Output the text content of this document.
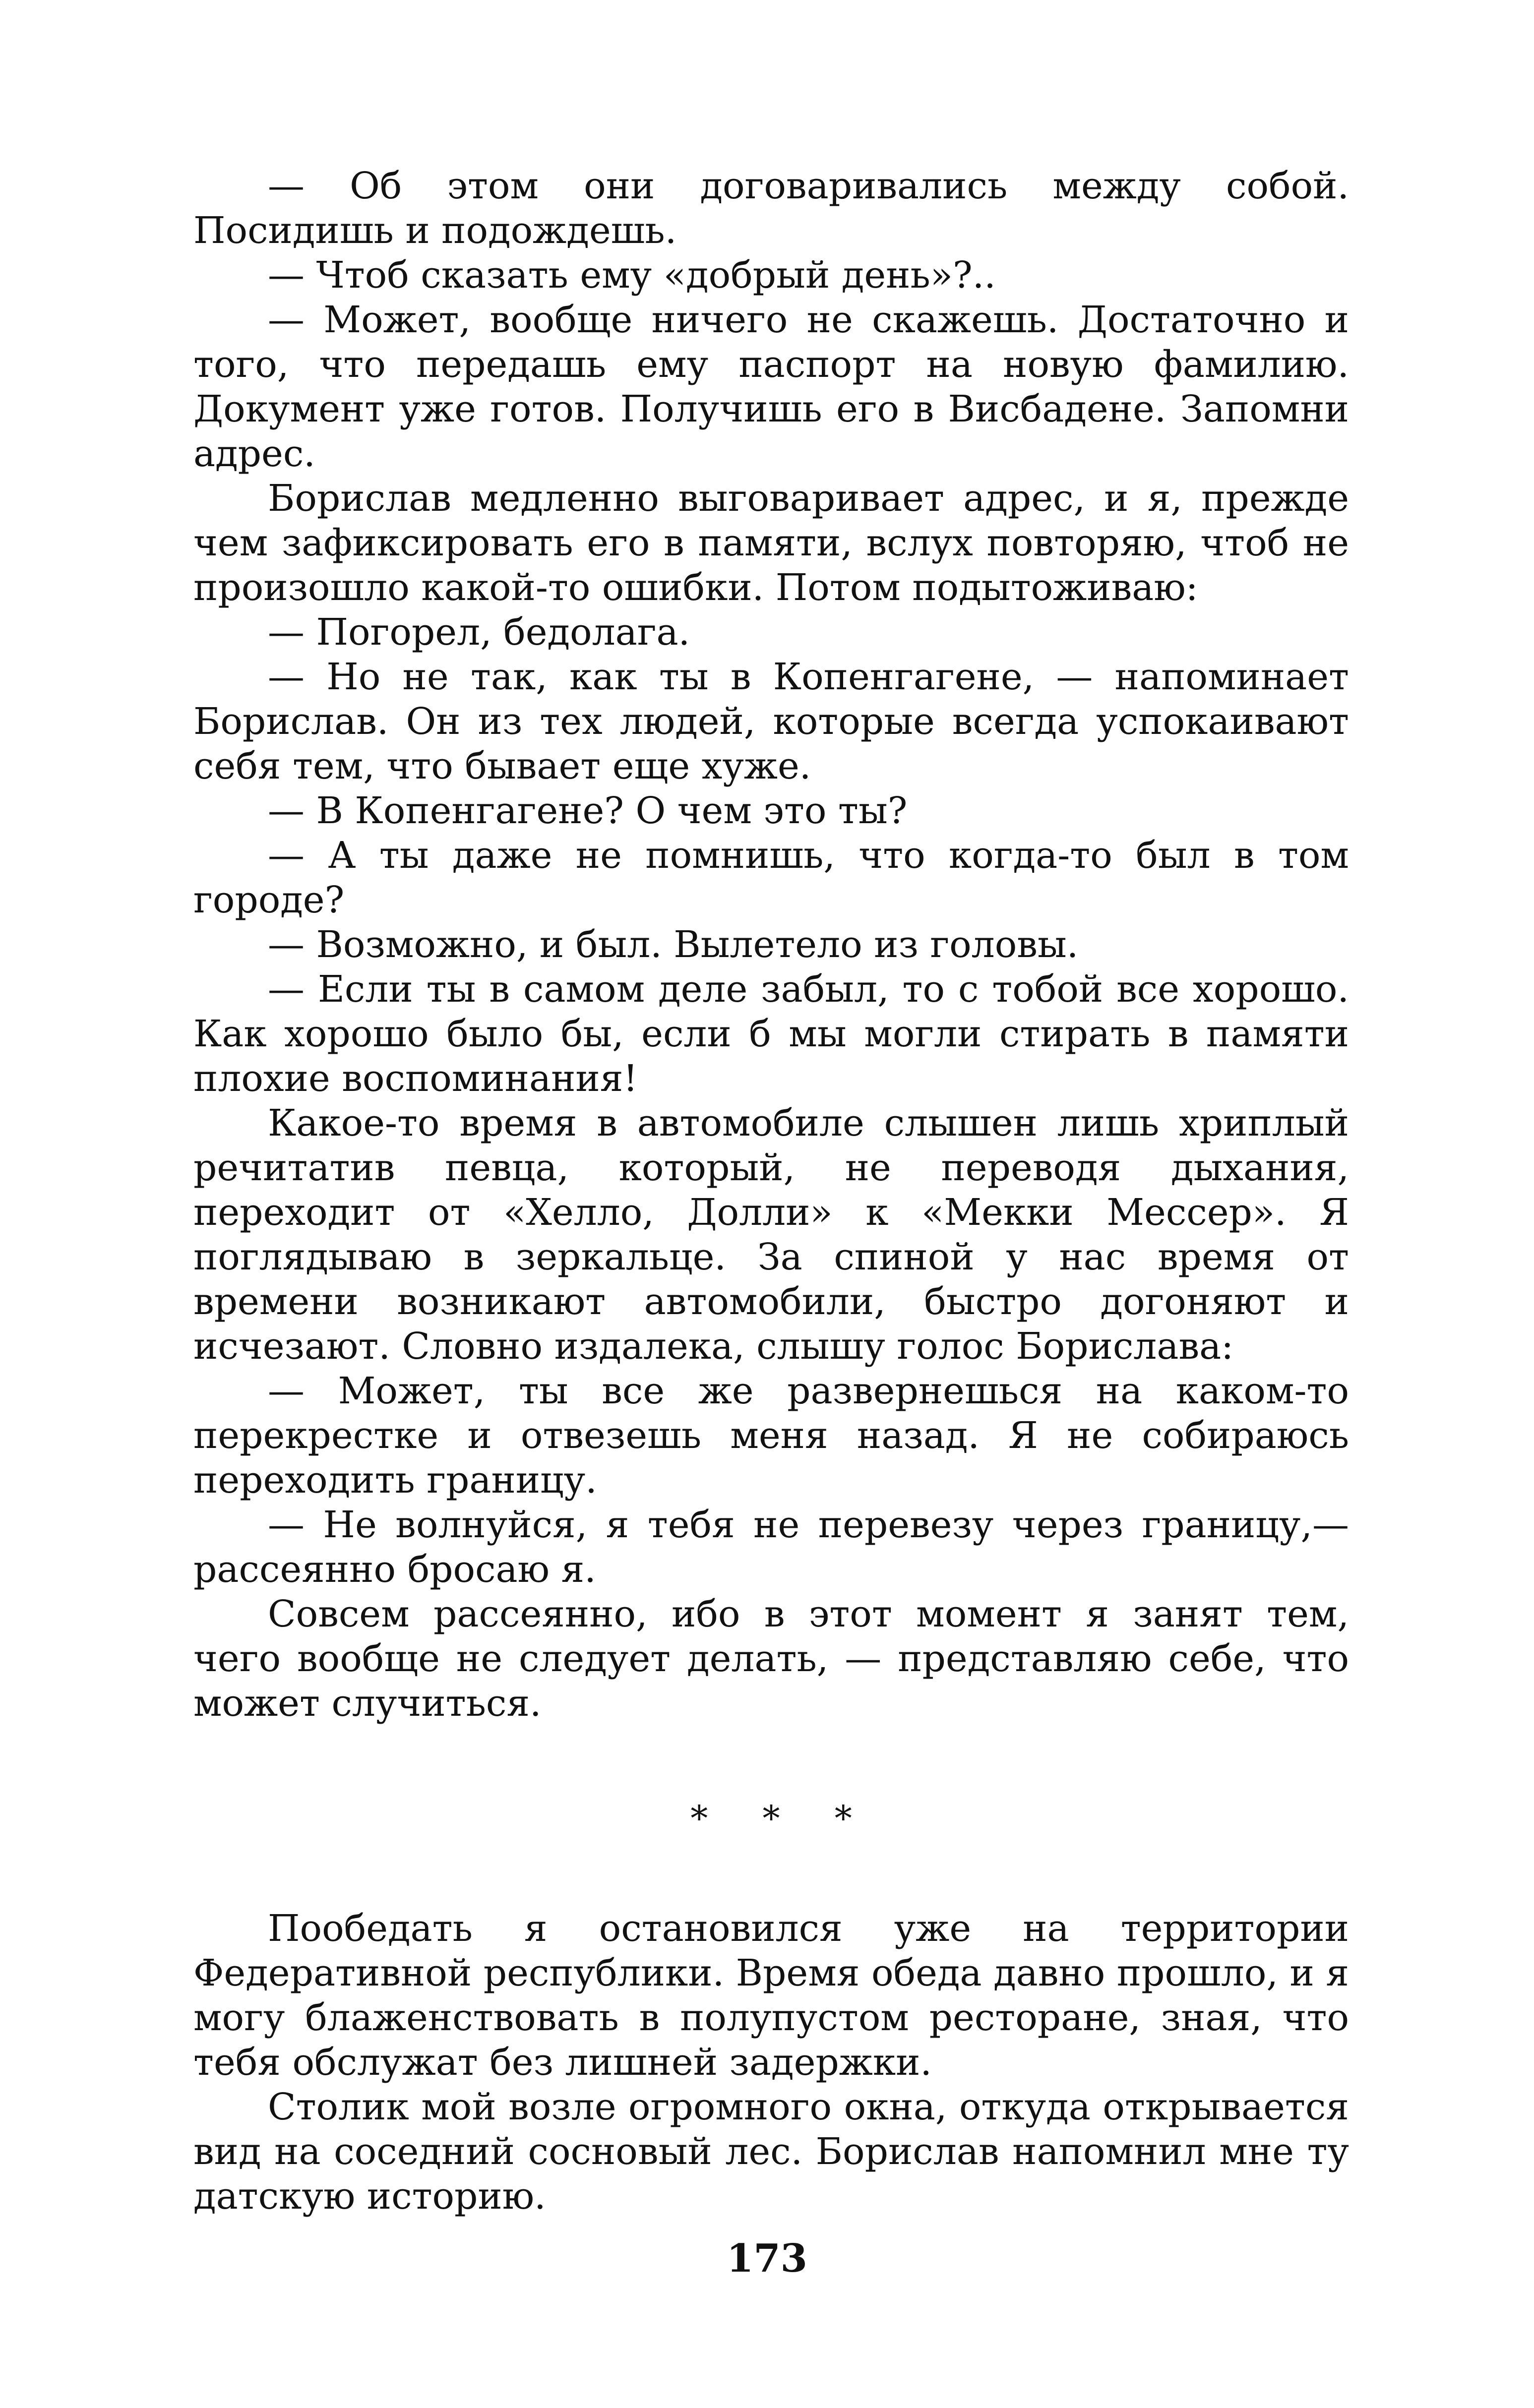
— Об этом они договаривались между собой. Посидишь и подождешь.

— Чтоб сказать ему «добрый день»?..

— Может, вообще ничего не скажешь. Достаточно и того, что передашь ему паспорт на новую фамилию. Документ уже готов. Получишь его в Висбадене. Запомни адрес.

Борислав медленно выговаривает адрес, и я, прежде чем зафиксировать его в памяти, вслух повторяю, чтоб не произошло какой-то ошибки. Потом подытоживаю:

— Погорел, бедолага.

— Но не так, как ты в Копенгагене, — напоминает Борислав. Он из тех людей, которые всегда успокаивают себя тем, что бывает еще хуже.

— В Копенгагене? О чем это ты?

— А ты даже не помнишь, что когда-то был в том городе?

— Возможно, и был. Вылетело из головы.

— Если ты в самом деле забыл, то с тобой все хорошо. Как хорошо было бы, если б мы могли стирать в памяти плохие воспоминания!

Какое-то время в автомобиле слышен лишь хриплый речитатив певца, который, не переводя дыхания, переходит от «Хелло, Долли» к «Мекки Мессер». Я поглядываю в зеркальце. За спиной у нас время от времени возникают автомобили, быстро догоняют и исчезают. Словно издалека, слышу голос Борислава:

— Может, ты все же развернешься на каком-то перекрестке и отвезешь меня назад. Я не собираюсь переходить границу.

— Не волнуйся, я тебя не перевезу через границу,— рассеянно бросаю я.

Совсем рассеянно, ибо в этот момент я занят тем, чего вообще не следует делать, — представляю себе, что может случиться.

* * *

Пообедать я остановился уже на территории Федеративной республики. Время обеда давно прошло, и я могу блаженствовать в полупустом ресторане, зная, что тебя обслужат без лишней задержки.

Столик мой возле огромного окна, откуда открывается вид на соседний сосновый лес. Борислав напомнил мне ту датскую историю.

173
